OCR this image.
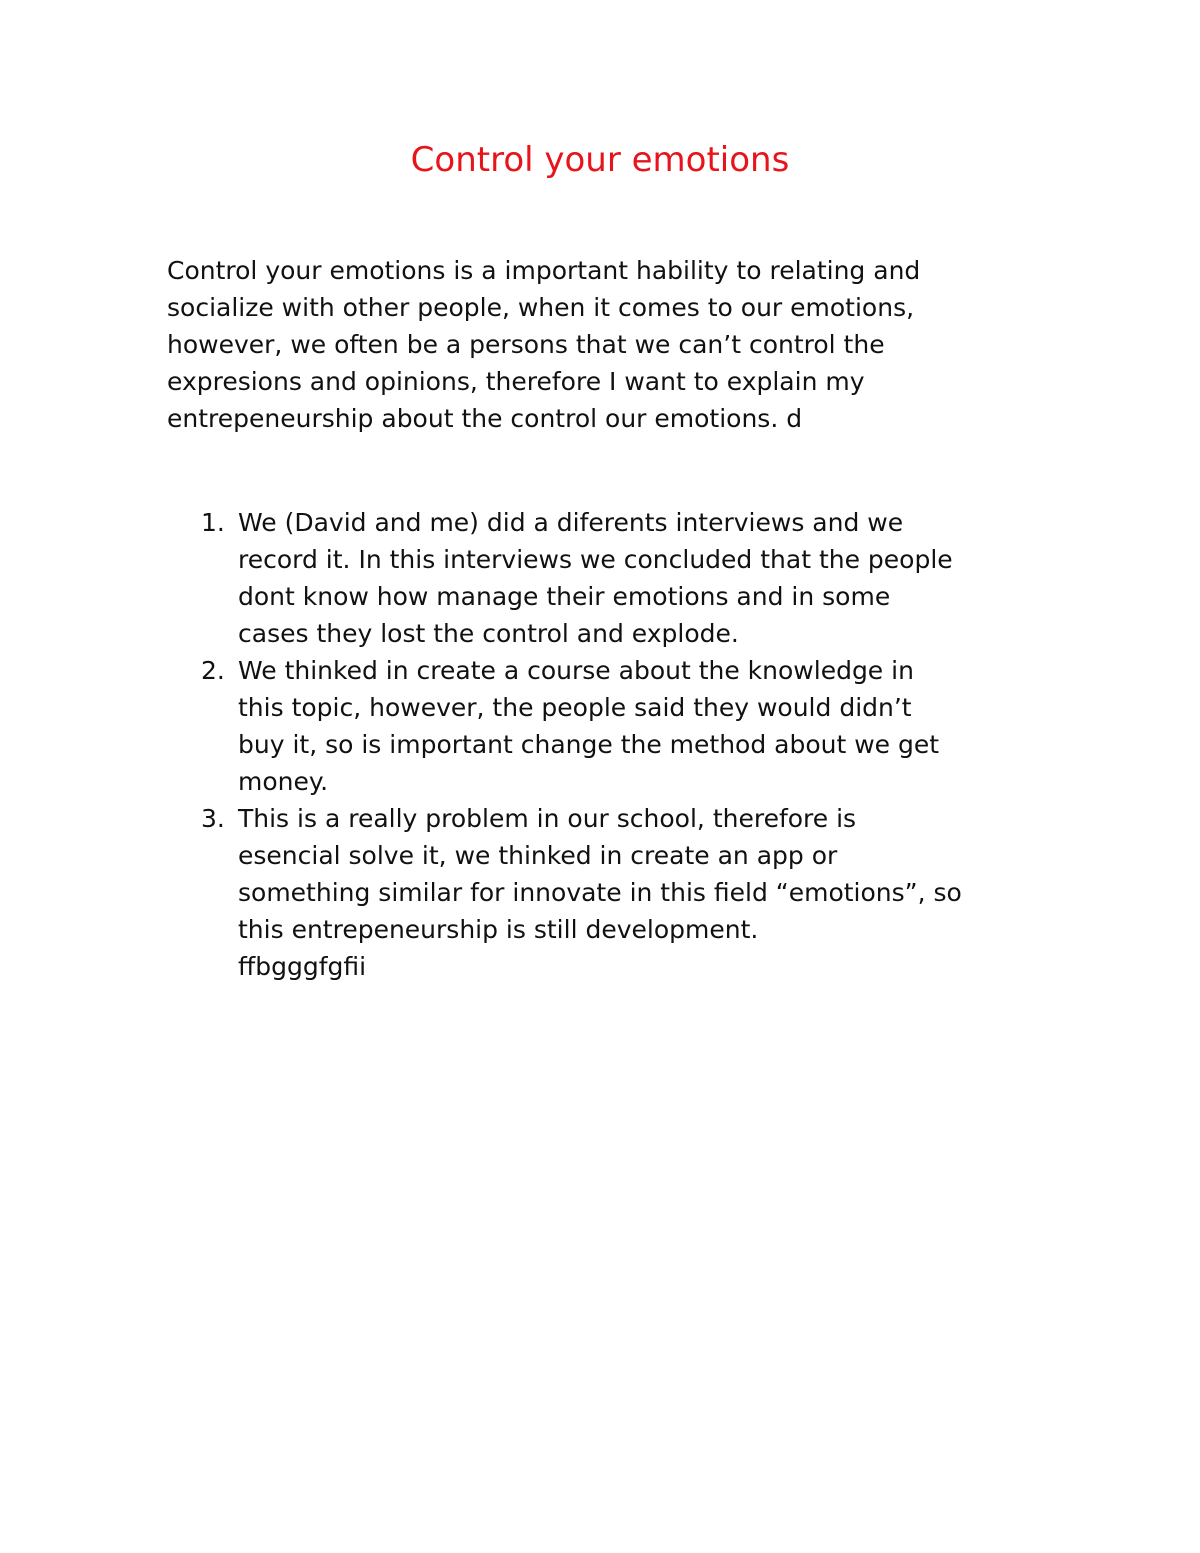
Control your emotions

Control your emotions is a important hability to relating and
socialize with other people, when it comes to our emotions,
however, we often be a persons that we can’t control the
expresions and opinions, therefore I want to explain my
entrepeneurship about the control our emotions. d

1. We (David and me) did a diferents interviews and we
record it. In this interviews we concluded that the people
dont know how manage their emotions and in some
cases they lost the control and explode.
2. We thinked in create a course about the knowledge in
this topic, however, the people said they would didn’t
buy it, so is important change the method about we get
money.
3. This is a really problem in our school, therefore is
esencial solve it, we thinked in create an app or
something similar for innovate in this field “emotions”, so
this entrepeneurship is still development.
ffbgggfgfii
